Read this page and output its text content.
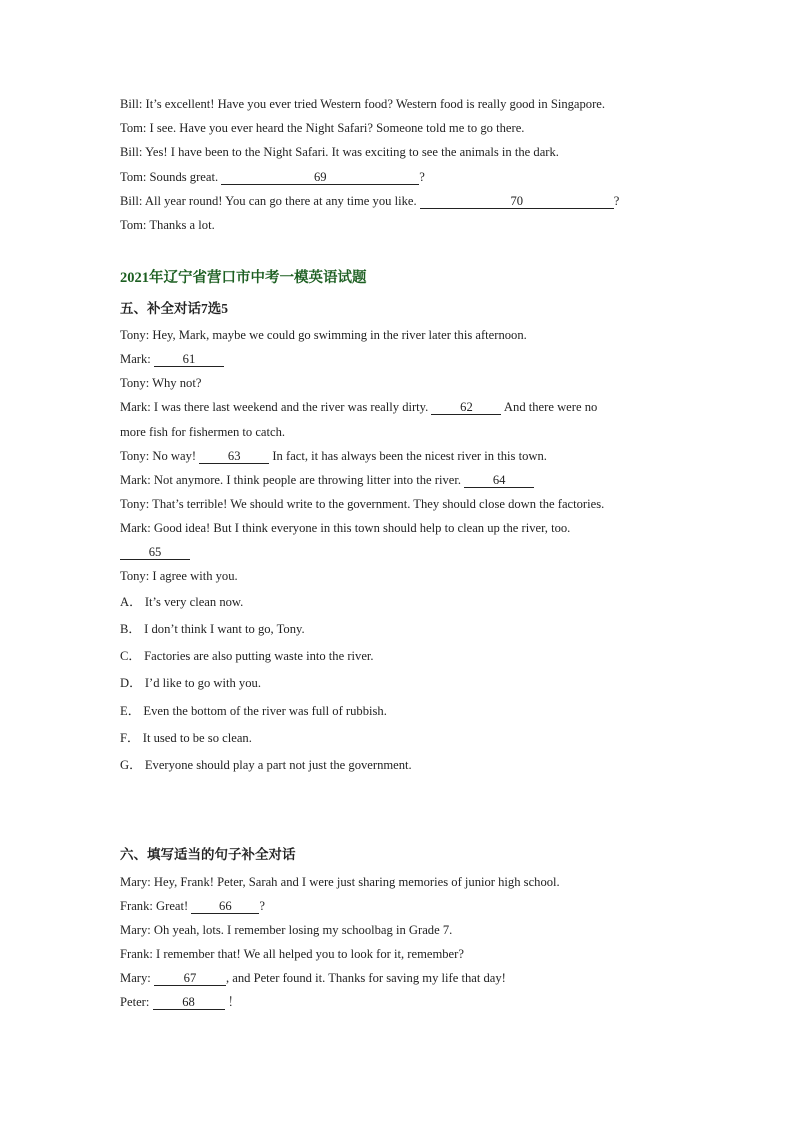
Bill: It’s excellent! Have you ever tried Western food? Western food is really good in Singapore.
Tom: I see. Have you ever heard the Night Safari? Someone told me to go there.
Bill: Yes! I have been to the Night Safari. It was exciting to see the animals in the dark.
Tom: Sounds great.	69	?
Bill: All year round! You can go there at any time you like.	70	?
Tom: Thanks a lot.
2021年辽宁省营口市中考一模英语试题
五、补全对话7选5
Tony: Hey, Mark, maybe we could go swimming in the river later this afternoon.
Mark: 61
Tony: Why not?
Mark: I was there last weekend and the river was really dirty. 62 And there were no
more fish for fishermen to catch.
Tony: No way! 63 In fact, it has always been the nicest river in this town.
Mark: Not anymore. I think people are throwing litter into the river. 64
Tony: That’s terrible! We should write to the government. They should close down the factories.
Mark: Good idea! But I think everyone in this town should help to clean up the river, too.
65
Tony: I agree with you.
A． It’s very clean now.
B． I don’t think I want to go, Tony.
C． Factories are also putting waste into the river.
D． I’d like to go with you.
E． Even the bottom of the river was full of rubbish.
F． It used to be so clean.
G． Everyone should play a part not just the government.
六、填写适当的句子补全对话
Mary: Hey, Frank! Peter, Sarah and I were just sharing memories of junior high school.
Frank: Great! 66 ?
Mary: Oh yeah, lots. I remember losing my schoolbag in Grade 7.
Frank: I remember that! We all helped you to look for it, remember?
Mary: 67 , and Peter found it. Thanks for saving my life that day!
Peter: 68 ！
